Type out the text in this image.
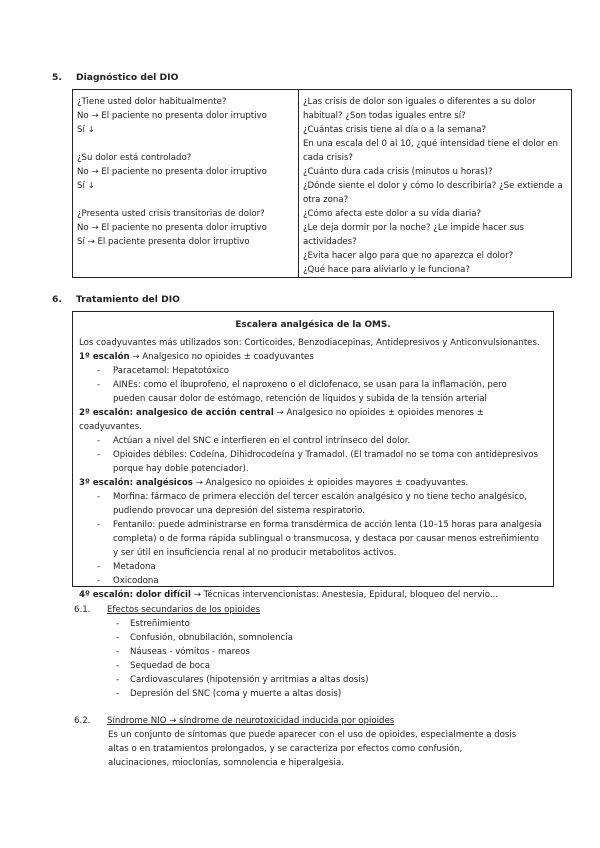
5. Diagnóstico del DIO
¿Tiene usted dolor habitualmente?
No → El paciente no presenta dolor irruptivo
Sí ↓
¿Su dolor está controlado?
No → El paciente no presenta dolor irruptivo
Sí ↓
¿Presenta usted crisis transitorias de dolor?
No → El paciente no presenta dolor irruptivo
Sí → El paciente presenta dolor irruptivo
¿Las crisis de dolor son iguales o diferentes a su dolor
habitual? ¿Son todas iguales entre sí?
¿Cuántas crisis tiene al día o a la semana?
En una escala del 0 al 10, ¿qué intensidad tiene el dolor en
cada crisis?
¿Cuánto dura cada crisis (minutos u horas)?
¿Dónde siente el dolor y cómo lo describiría? ¿Se extiende a
otra zona?
¿Cómo afecta este dolor a su vida diaria?
¿Le deja dormir por la noche? ¿Le impide hacer sus
actividades?
¿Evita hacer algo para que no aparezca el dolor?
¿Qué hace para aliviarlo y le funciona?
6. Tratamiento del DIO
Escalera analgésica de la OMS.
Los coadyuvantes más utilizados son: Corticoides, Benzodiacepinas, Antidepresivos y Anticonvulsionantes.
1º escalón → Analgesico no opioides ± coadyuvantes
- Paracetamol: Hepatotóxico
- AINEs: como el ibuprofeno, el naproxeno o el diclofenaco, se usan para la inflamación, pero
pueden causar dolor de estómago, retención de líquidos y subida de la tensión arterial
2º escalón: analgesico de acción central → Analgesico no opioides ± opioides menores ± coadyuvantes.
- Actúan a nivel del SNC e interfieren en el control intrínseco del dolor.
- Opioides débiles: Codeína, Dihidrocodeína y Tramadol. (El tramadol no se toma con antidepresivos
porque hay doble potenciador).
3º escalón: analgésicos → Analgesico no opioides ± opioides mayores ± coadyuvantes.
- Morfina: fármaco de primera elección del tercer escalón analgésico y no tiene techo analgésico,
pudiendo provocar una depresión del sistema respiratorio.
- Fentanilo: puede administrarse en forma transdérmica de acción lenta (10–15 horas para analgesia
completa) o de forma rápida sublingual o transmucosa, y destaca por causar menos estreñimiento
y ser útil en insuficiencia renal al no producir metabolitos activos.
- Metadona
- Oxicodona
4º escalón: dolor difícil → Técnicas intervencionistas: Anestesia, Epidural, bloqueo del nervio...
6.1. Efectos secundarios de los opioides
- Estreñimiento
- Confusión, obnubilación, somnolencia
- Náuseas - vómitos - mareos
- Sequedad de boca
- Cardiovasculares (hipotensión y arritmias a altas dosis)
- Depresión del SNC (coma y muerte a altas dosis)
6.2. Síndrome NIO → síndrome de neurotoxicidad inducida por opioides
Es un conjunto de síntomas que puede aparecer con el uso de opioides, especialmente a dosis
altas o en tratamientos prolongados, y se caracteriza por efectos como confusión,
alucinaciones, mioclonías, somnolencia e hiperalgesia.
